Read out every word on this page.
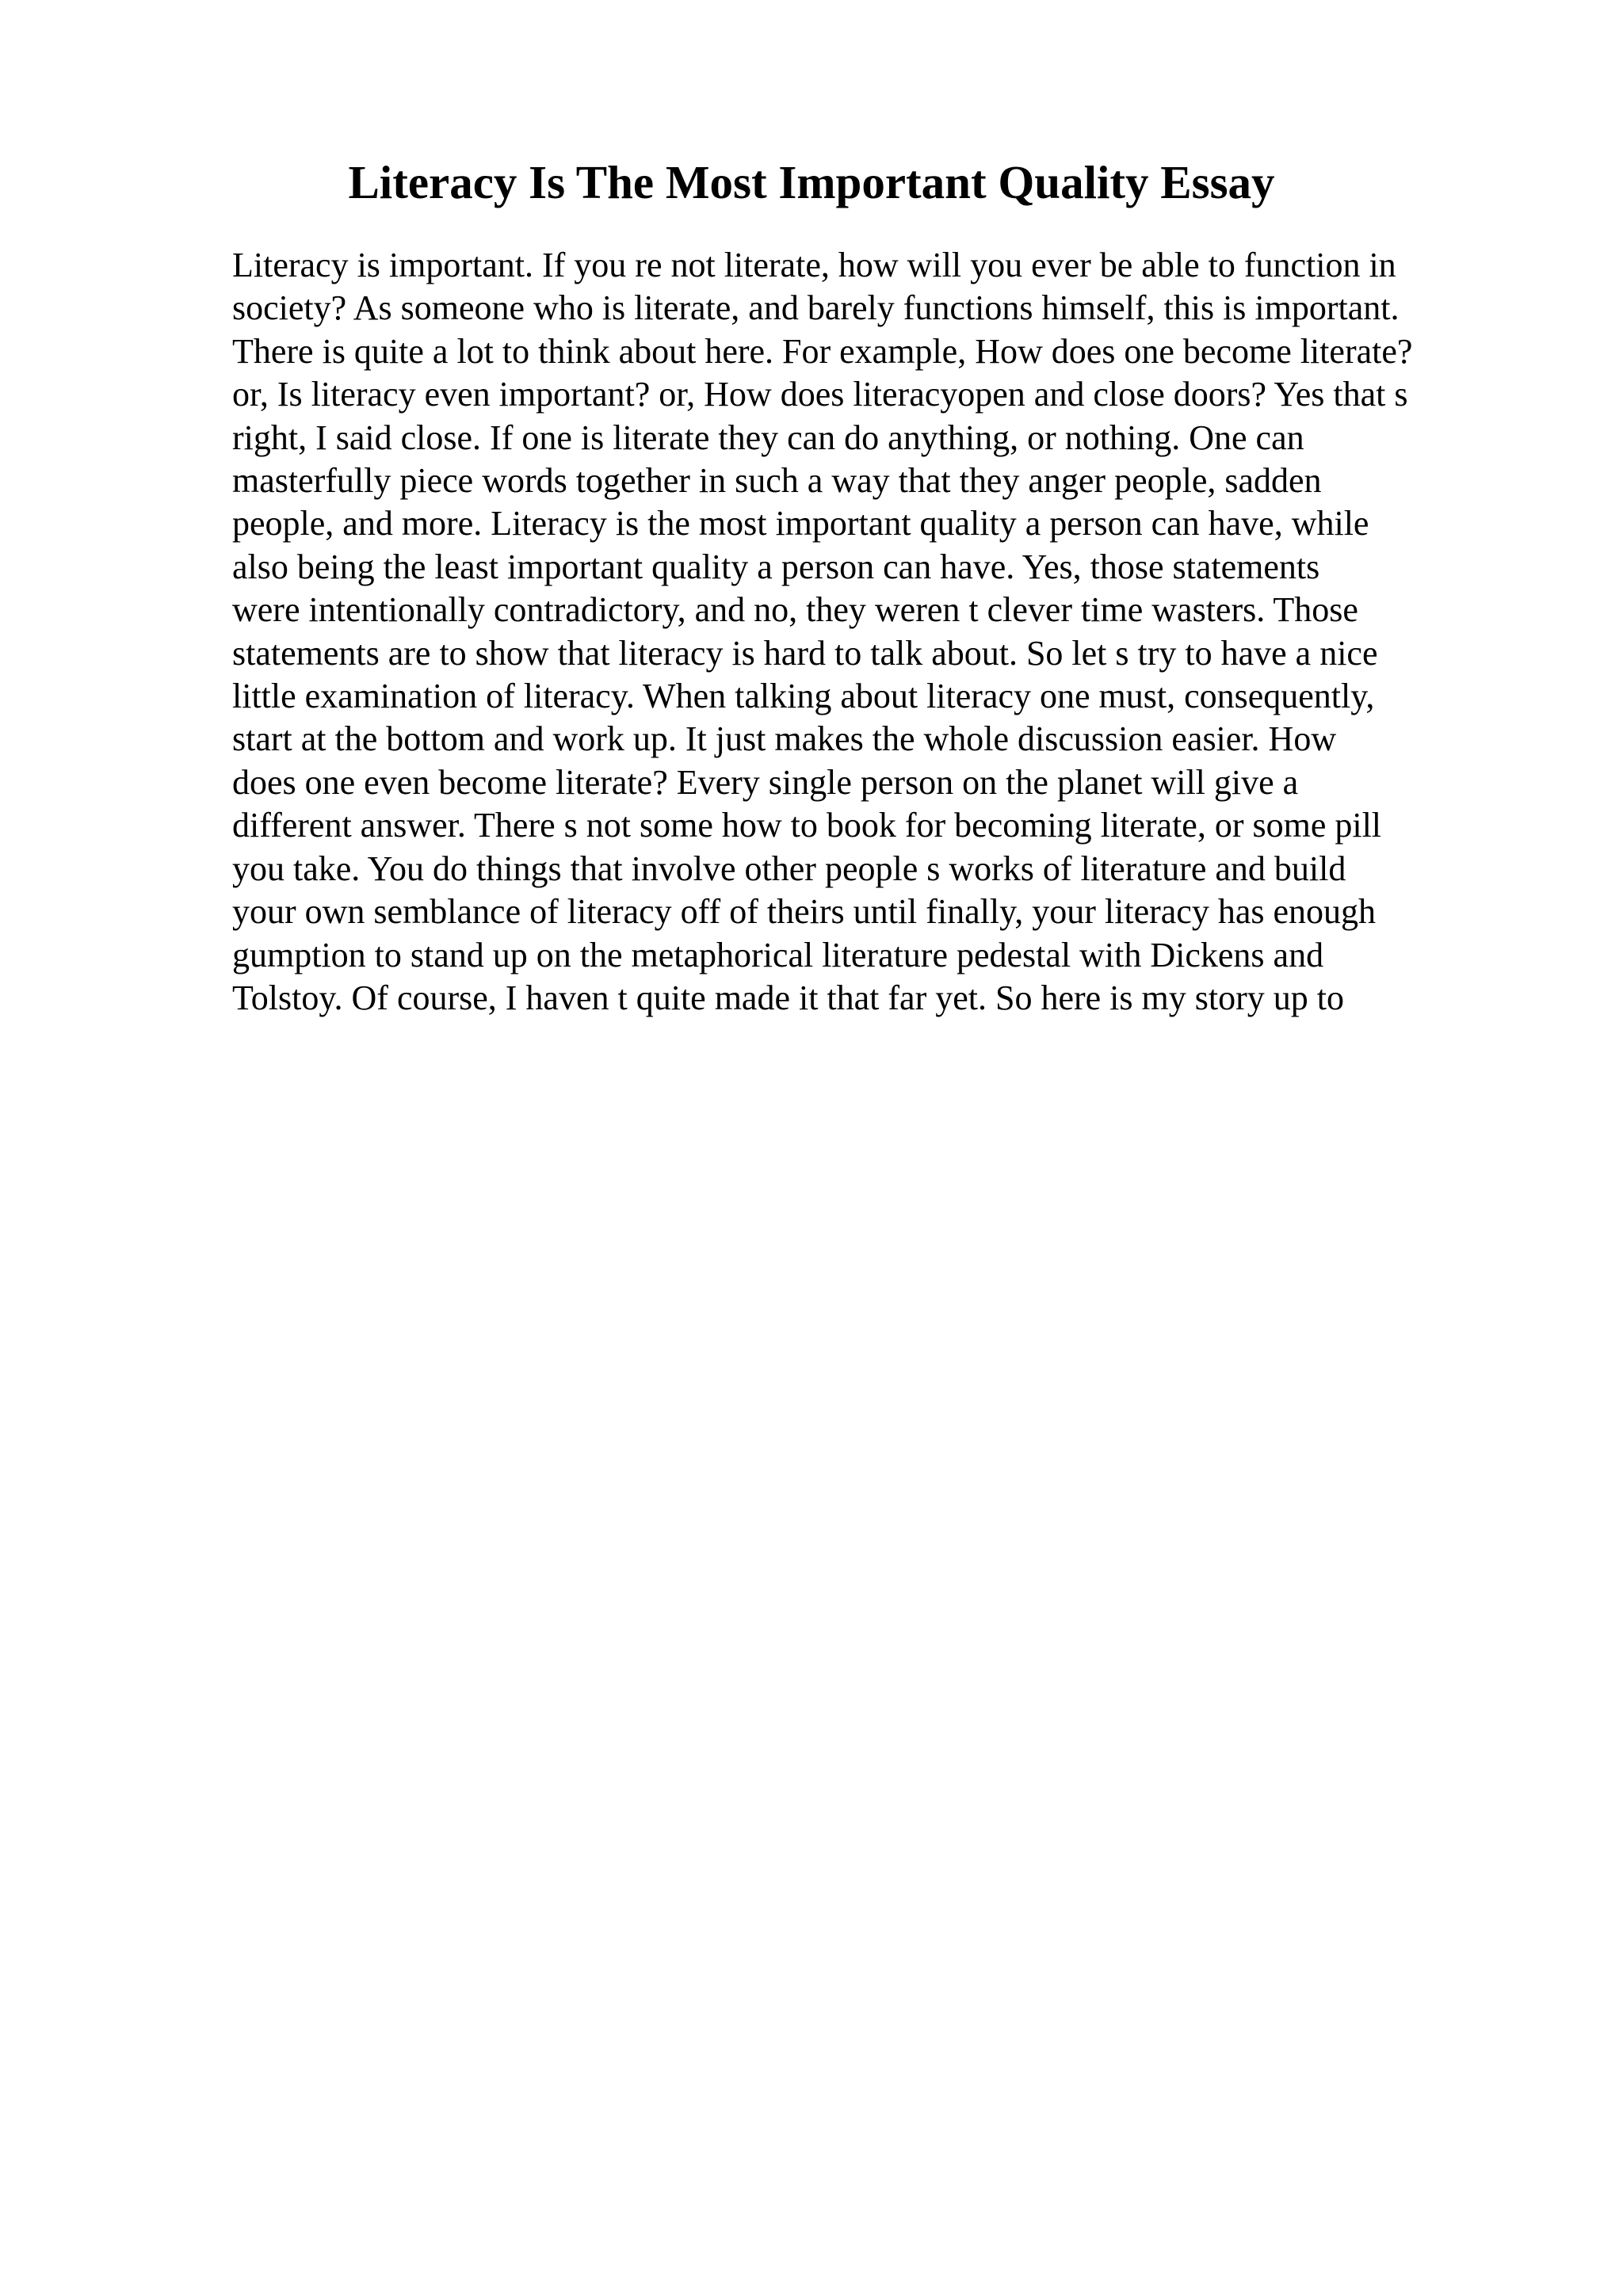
Literacy Is The Most Important Quality Essay
Literacy is important. If you re not literate, how will you ever be able to function in
society? As someone who is literate, and barely functions himself, this is important.
There is quite a lot to think about here. For example, How does one become literate?
or, Is literacy even important? or, How does literacyopen and close doors? Yes that s
right, I said close. If one is literate they can do anything, or nothing. One can
masterfully piece words together in such a way that they anger people, sadden
people, and more. Literacy is the most important quality a person can have, while
also being the least important quality a person can have. Yes, those statements
were intentionally contradictory, and no, they weren t clever time wasters. Those
statements are to show that literacy is hard to talk about. So let s try to have a nice
little examination of literacy. When talking about literacy one must, consequently,
start at the bottom and work up. It just makes the whole discussion easier. How
does one even become literate? Every single person on the planet will give a
different answer. There s not some how to book for becoming literate, or some pill
you take. You do things that involve other people s works of literature and build
your own semblance of literacy off of theirs until finally, your literacy has enough
gumption to stand up on the metaphorical literature pedestal with Dickens and
Tolstoy. Of course, I haven t quite made it that far yet. So here is my story up to
